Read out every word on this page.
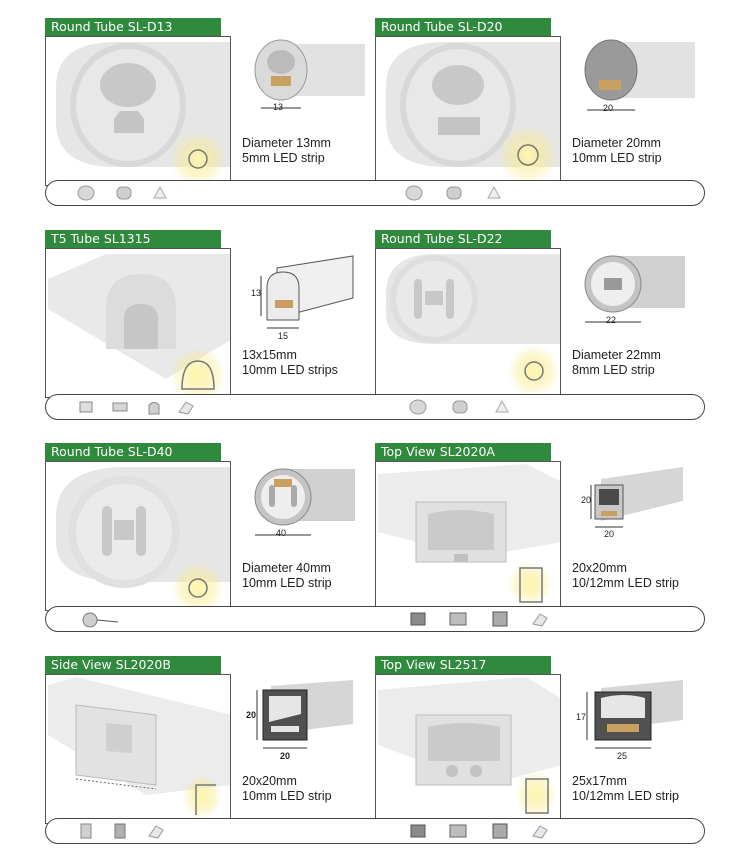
Round Tube SL-D13
13
Diameter 13mm
5mm LED strip
Round Tube SL-D20
20
Diameter 20mm
10mm LED strip
T5 Tube SL1315
13
15
13x15mm
10mm LED strips
Round Tube SL-D22
22
Diameter 22mm
8mm LED strip
Round Tube SL-D40
40
Diameter 40mm
10mm LED strip
Top View SL2020A
20
20
20x20mm
10/12mm LED strip
Side View SL2020B
20
20
20x20mm
10mm LED strip
Top View SL2517
17
25
25x17mm
10/12mm LED strip
